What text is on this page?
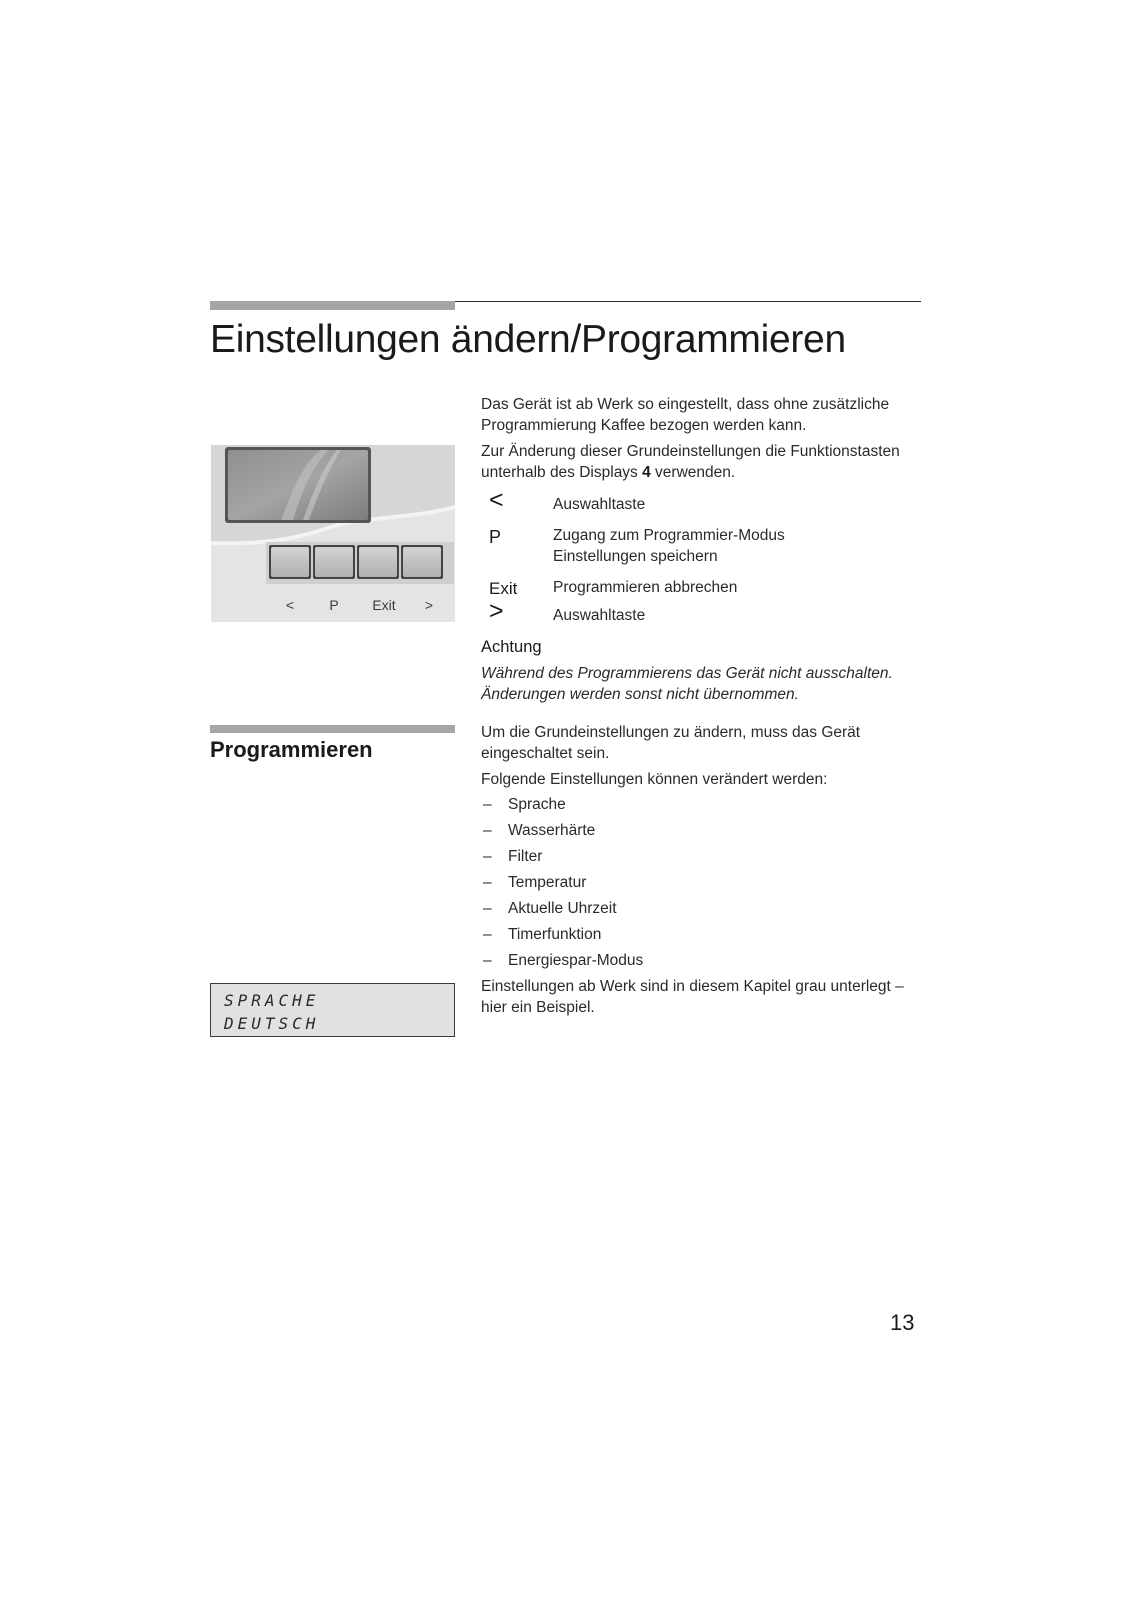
Einstellungen ändern/Programmieren
<	P	Exit	>

Das Gerät ist ab Werk so eingestellt, dass ohne zusätzliche Programmierung Kaffee bezogen werden kann.

Zur Änderung dieser Grundeinstellungen die Funktionstasten unterhalb des Displays 4 verwenden.

<	Auswahltaste
P	Zugang zum Programmier-Modus Einstellungen speichern
Exit	Programmieren abbrechen
>	Auswahltaste
Achtung

Während des Programmierens das Gerät nicht ausschalten. Änderungen werden sonst nicht übernommen.

Programmieren

Um die Grundeinstellungen zu ändern, muss das Gerät eingeschaltet sein.

Folgende Einstellungen können verändert werden:

– Sprache
– Wasserhärte
– Filter
– Temperatur
– Aktuelle Uhrzeit
– Timerfunktion
– Energiespar-Modus

Einstellungen ab Werk sind in diesem Kapitel grau unterlegt – hier ein Beispiel.

SPRACHE
DEUTSCH
13
